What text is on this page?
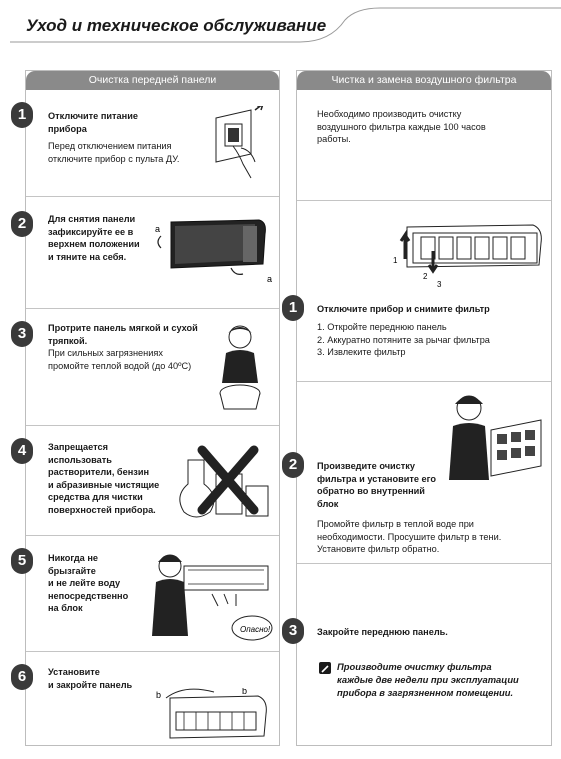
Уход и техническое обслуживание
Очистка передней панели
1	Отключите питание
прибора
Перед отключением питания
отключите прибор с пульта ДУ.
2	Для снятия панели
зафиксируйте ее в
верхнем положении
и тяните на себя.
a
a
3	Протрите панель мягкой и сухой
тряпкой.
При сильных загрязнениях
промойте теплой водой (до 40ºC)
4	Запрещается
использовать
растворители, бензин
и абразивные чистящие
средства для чистки
поверхностей прибора.
5	Никогда не
брызгайте
и не лейте воду
непосредственно
на блок
Опасно!
6	Установите
и закройте панель
b	b
Чистка и замена воздушного фильтра
Необходимо производить очистку
воздушного фильтра каждые 100 часов
работы.
1
2
3
1	Отключите прибор и снимите фильтр
1. Откройте переднюю панель
2. Аккуратно потяните за рычаг фильтра
3. Извлеките фильтр
2	Произведите очистку
фильтра и установите его
обратно во внутренний
блок
Промойте фильтр в теплой воде при
необходимости. Просушите фильтр в тени.
Установите фильтр обратно.
3	Закройте переднюю панель.
Производите очистку фильтра
каждые две недели при эксплуатации
прибора в загрязненном помещении.
